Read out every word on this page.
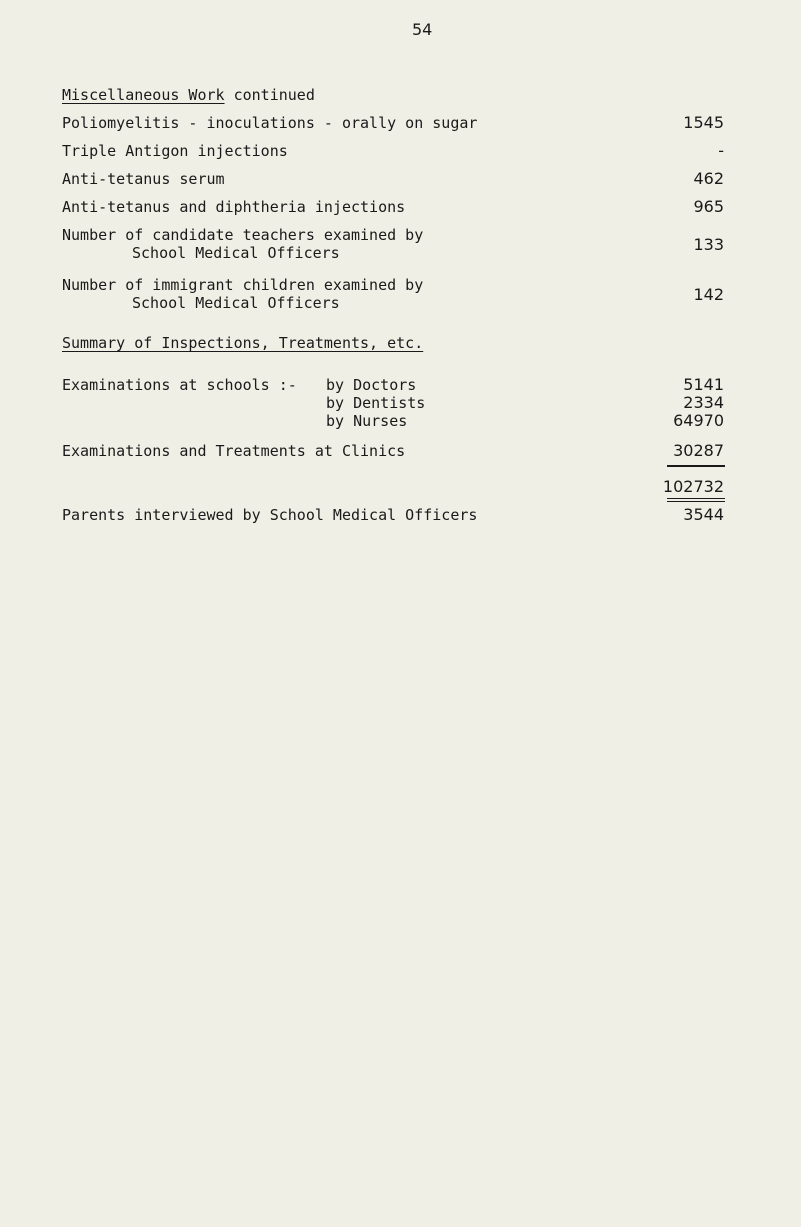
54
Miscellaneous Work continued
Poliomyelitis - inoculations - orally on sugar	1545
Triple Antigon injections	-
Anti-tetanus serum	462
Anti-tetanus and diphtheria injections	965
Number of candidate teachers examined by
School Medical Officers	133
Number of immigrant children examined by
School Medical Officers	142
Summary of Inspections, Treatments, etc.
Examinations at schools :- by Doctors	5141
by Dentists	2334
by Nurses	64970
Examinations and Treatments at Clinics	30287
102732
Parents interviewed by School Medical Officers	3544
